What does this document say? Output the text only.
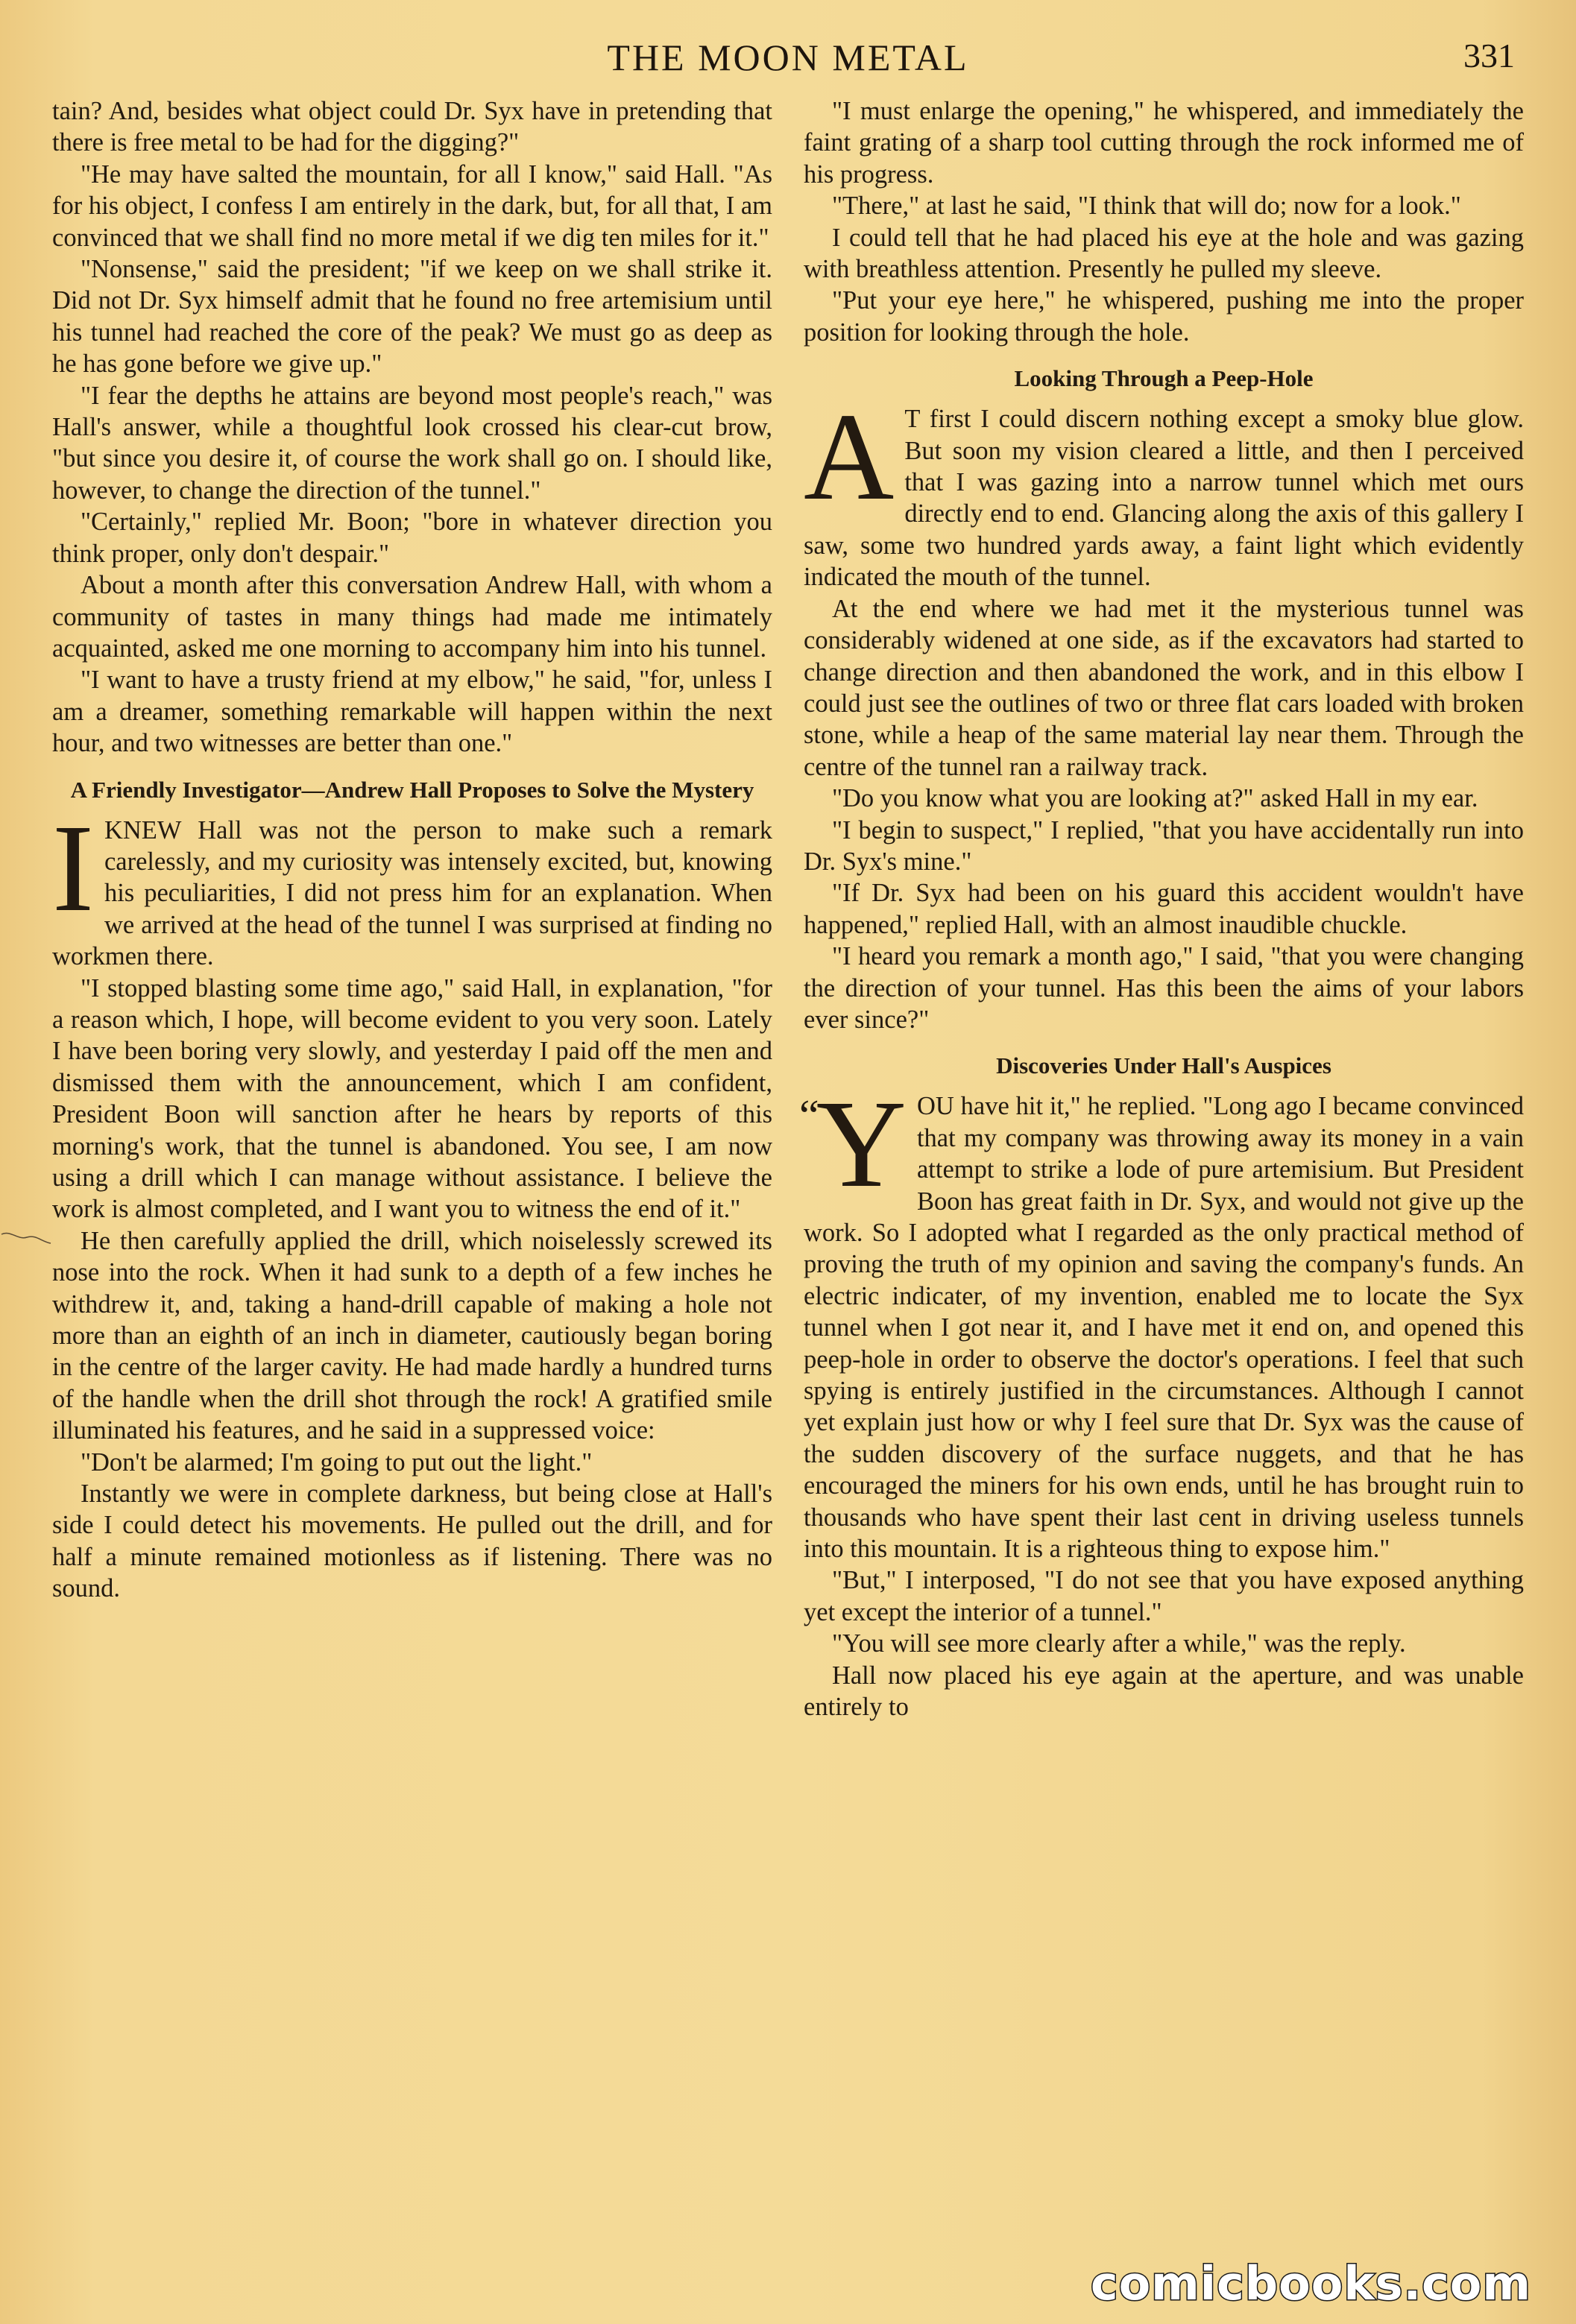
THE MOON METAL	331

tain? And, besides what object could Dr. Syx have in pretending that there is free metal to be had for the digging?"

"He may have salted the mountain, for all I know," said Hall. "As for his object, I confess I am entirely in the dark, but, for all that, I am convinced that we shall find no more metal if we dig ten miles for it."

"Nonsense," said the president; "if we keep on we shall strike it. Did not Dr. Syx himself admit that he found no free artemisium until his tunnel had reached the core of the peak? We must go as deep as he has gone before we give up."

"I fear the depths he attains are beyond most people's reach," was Hall's answer, while a thoughtful look crossed his clear-cut brow, "but since you desire it, of course the work shall go on. I should like, however, to change the direction of the tunnel."

"Certainly," replied Mr. Boon; "bore in whatever direction you think proper, only don't despair."

About a month after this conversation Andrew Hall, with whom a community of tastes in many things had made me intimately acquainted, asked me one morning to accompany him into his tunnel.

"I want to have a trusty friend at my elbow," he said, "for, unless I am a dreamer, something remarkable will happen within the next hour, and two witnesses are better than one."

A Friendly Investigator—Andrew Hall Proposes to Solve the Mystery

IKNEW Hall was not the person to make such a remark carelessly, and my curiosity was intensely excited, but, knowing his peculiarities, I did not press him for an explanation. When we arrived at the head of the tunnel I was surprised at finding no workmen there.

"I stopped blasting some time ago," said Hall, in explanation, "for a reason which, I hope, will become evident to you very soon. Lately I have been boring very slowly, and yesterday I paid off the men and dismissed them with the announcement, which I am confident, President Boon will sanction after he hears by reports of this morning's work, that the tunnel is abandoned. You see, I am now using a drill which I can manage without assistance. I believe the work is almost completed, and I want you to witness the end of it."

He then carefully applied the drill, which noiselessly screwed its nose into the rock. When it had sunk to a depth of a few inches he withdrew it, and, taking a hand-drill capable of making a hole not more than an eighth of an inch in diameter, cautiously began boring in the centre of the larger cavity. He had made hardly a hundred turns of the handle when the drill shot through the rock! A gratified smile illuminated his features, and he said in a suppressed voice:

"Don't be alarmed; I'm going to put out the light."

Instantly we were in complete darkness, but being close at Hall's side I could detect his movements. He pulled out the drill, and for half a minute remained motionless as if listening. There was no sound.

"I must enlarge the opening," he whispered, and immediately the faint grating of a sharp tool cutting through the rock informed me of his progress.

"There," at last he said, "I think that will do; now for a look."

I could tell that he had placed his eye at the hole and was gazing with breathless attention. Presently he pulled my sleeve.

"Put your eye here," he whispered, pushing me into the proper position for looking through the hole.

Looking Through a Peep-Hole

A T first I could discern nothing except a smoky blue glow. But soon my vision cleared a little, and then I perceived that I was gazing into a narrow tunnel which met ours directly end to end. Glancing along the axis of this gallery I saw, some two hundred yards away, a faint light which evidently indicated the mouth of the tunnel.

At the end where we had met it the mysterious tunnel was considerably widened at one side, as if the excavators had started to change direction and then abandoned the work, and in this elbow I could just see the outlines of two or three flat cars loaded with broken stone, while a heap of the same material lay near them. Through the centre of the tunnel ran a railway track.

"Do you know what you are looking at?" asked Hall in my ear.

"I begin to suspect," I replied, "that you have accidentally run into Dr. Syx's mine."

"If Dr. Syx had been on his guard this accident wouldn't have happened," replied Hall, with an almost inaudible chuckle.

"I heard you remark a month ago," I said, "that you were changing the direction of your tunnel. Has this been the aims of your labors ever since?"

Discoveries Under Hall's Auspices

“
Y OU have hit it," he replied. "Long ago I became convinced that my company was throwing away its money in a vain attempt to strike a lode of pure artemisium. But President Boon has great faith in Dr. Syx, and would not give up the work. So I adopted what I regarded as the only practical method of proving the truth of my opinion and saving the company's funds. An electric indicater, of my invention, enabled me to locate the Syx tunnel when I got near it, and I have met it end on, and opened this peep-hole in order to observe the doctor's operations. I feel that such spying is entirely justified in the circumstances. Although I cannot yet explain just how or why I feel sure that Dr. Syx was the cause of the sudden discovery of the surface nuggets, and that he has encouraged the miners for his own ends, until he has brought ruin to thousands who have spent their last cent in driving useless tunnels into this mountain. It is a righteous thing to expose him."

"But," I interposed, "I do not see that you have exposed anything yet except the interior of a tunnel."

"You will see more clearly after a while," was the reply.

Hall now placed his eye again at the aperture, and was unable entirely to

comicbooks.com
